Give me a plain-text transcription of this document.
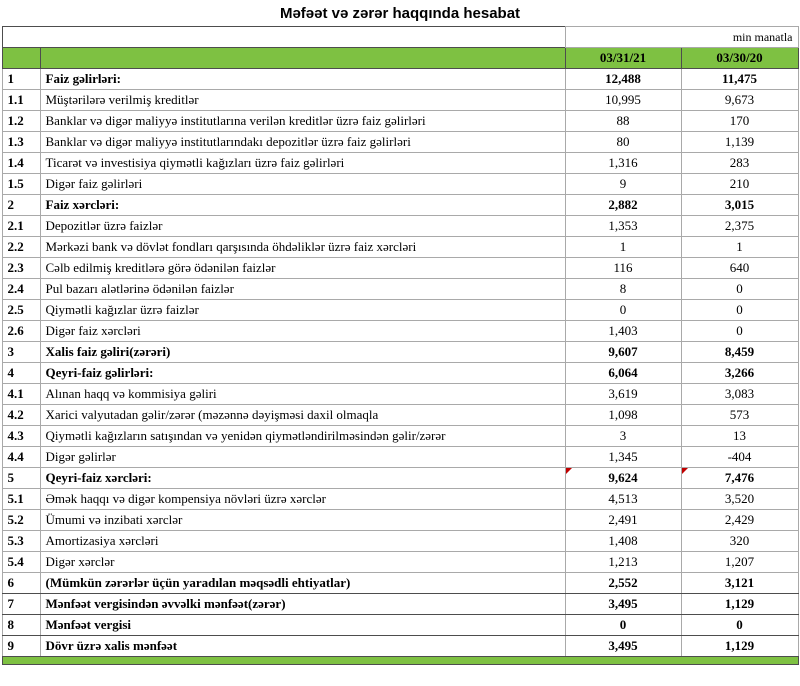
Məfəət və zərər haqqında hesabat
		min manatla	
		03/31/21	03/30/20
1	Faiz gəlirləri:	12,488	11,475
1.1	Müştərilərə verilmiş kreditlər	10,995	9,673
1.2	Banklar və digər maliyyə institutlarına verilən kreditlər üzrə faiz gəlirləri	88	170
1.3	Banklar və digər maliyyə institutlarındakı depozitlər üzrə faiz gəlirləri	80	1,139
1.4	Ticarət və investisiya qiymətli kağızları üzrə faiz gəlirləri	1,316	283
1.5	Digər faiz gəlirləri	9	210
2	Faiz xərcləri:	2,882	3,015
2.1	Depozitlər üzrə faizlər	1,353	2,375
2.2	Mərkəzi bank və dövlət fondları qarşısında öhdəliklər üzrə faiz xərcləri	1	1
2.3	Cəlb edilmiş kreditlərə görə ödənilən faizlər	116	640
2.4	Pul bazarı alətlərinə ödənilən faizlər	8	0
2.5	Qiymətli kağızlar üzrə faizlər	0	0
2.6	Digər faiz xərcləri	1,403	0
3	Xalis faiz gəliri(zərəri)	9,607	8,459
4	Qeyri-faiz gəlirləri:	6,064	3,266
4.1	Alınan haqq və kommisiya gəliri	3,619	3,083
4.2	Xarici valyutadan gəlir/zərər (məzənnə dəyişməsi daxil olmaqla	1,098	573
4.3	Qiymətli kağızların satışından və yenidən qiymətləndirilməsindən gəlir/zərər	3	13
4.4	Digər gəlirlər	1,345	-404
5	Qeyri-faiz xərcləri:	9,624	7,476
5.1	Əmək haqqı və digər kompensiya növləri üzrə xərclər	4,513	3,520
5.2	Ümumi və inzibati xərclər	2,491	2,429
5.3	Amortizasiya xərcləri	1,408	320
5.4	Digər xərclər	1,213	1,207
6	(Mümkün zərərlər üçün yaradılan məqsədli ehtiyatlar)	2,552	3,121
7	Mənfəət vergisindən əvvəlki mənfəət(zərər)	3,495	1,129
8	Mənfəət vergisi	0	0
9	Dövr üzrə xalis mənfəət	3,495	1,129
